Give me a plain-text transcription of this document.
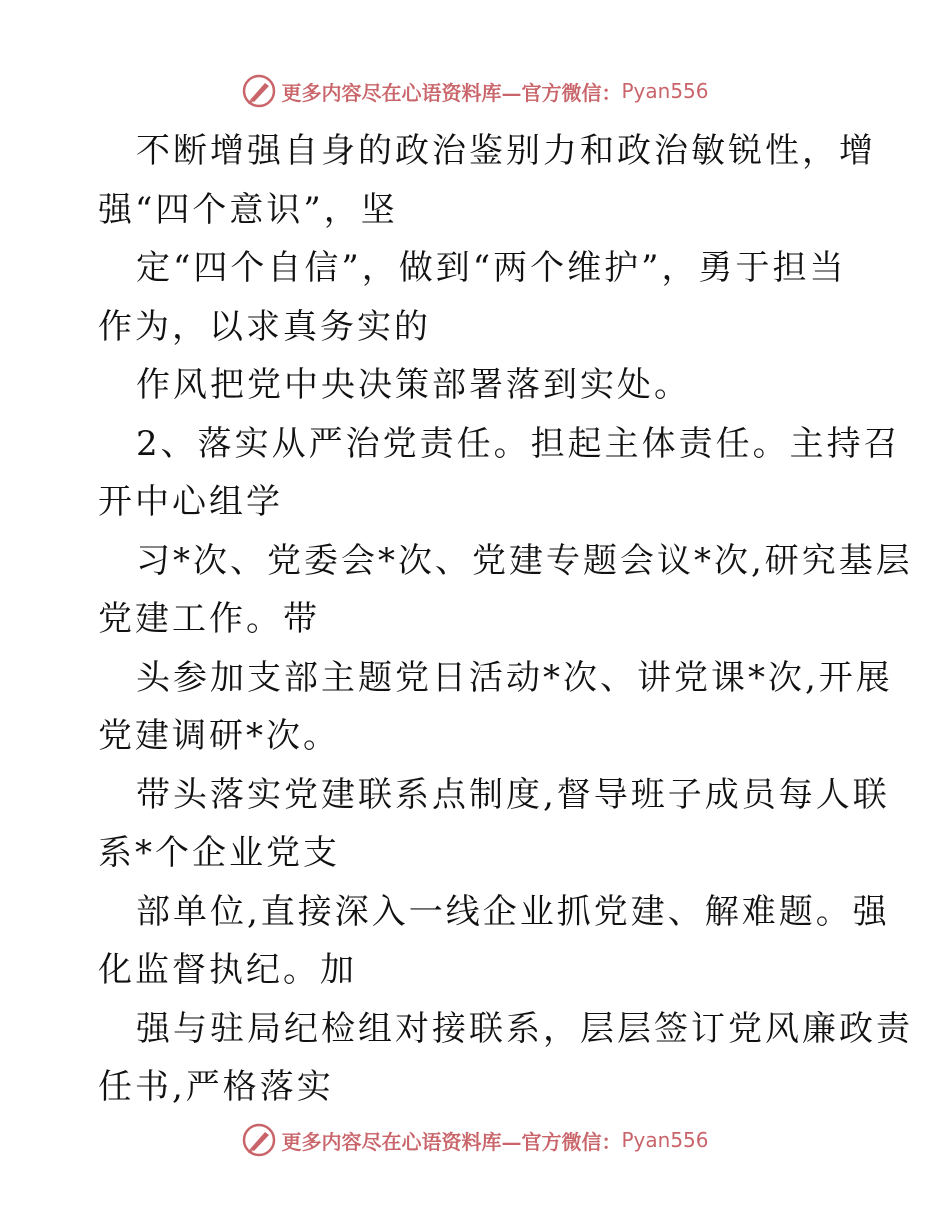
更多内容尽在心语资料库—官方微信： Pyan556
不断增强自身的政治鉴别力和政治敏锐性，增
强“四个意识”，坚
定“四个自信”，做到“两个维护”，勇于担当
作为，以求真务实的
作风把党中央决策部署落到实处。
2、落实从严治党责任。担起主体责任。主持召
开中心组学
习*次、党委会*次、党建专题会议*次,研究基层
党建工作。带
头参加支部主题党日活动*次、讲党课*次,开展
党建调研*次。
带头落实党建联系点制度,督导班子成员每人联
系*个企业党支
部单位,直接深入一线企业抓党建、解难题。强
化监督执纪。加
强与驻局纪检组对接联系，层层签订党风廉政责
任书,严格落实
更多内容尽在心语资料库—官方微信： Pyan556
